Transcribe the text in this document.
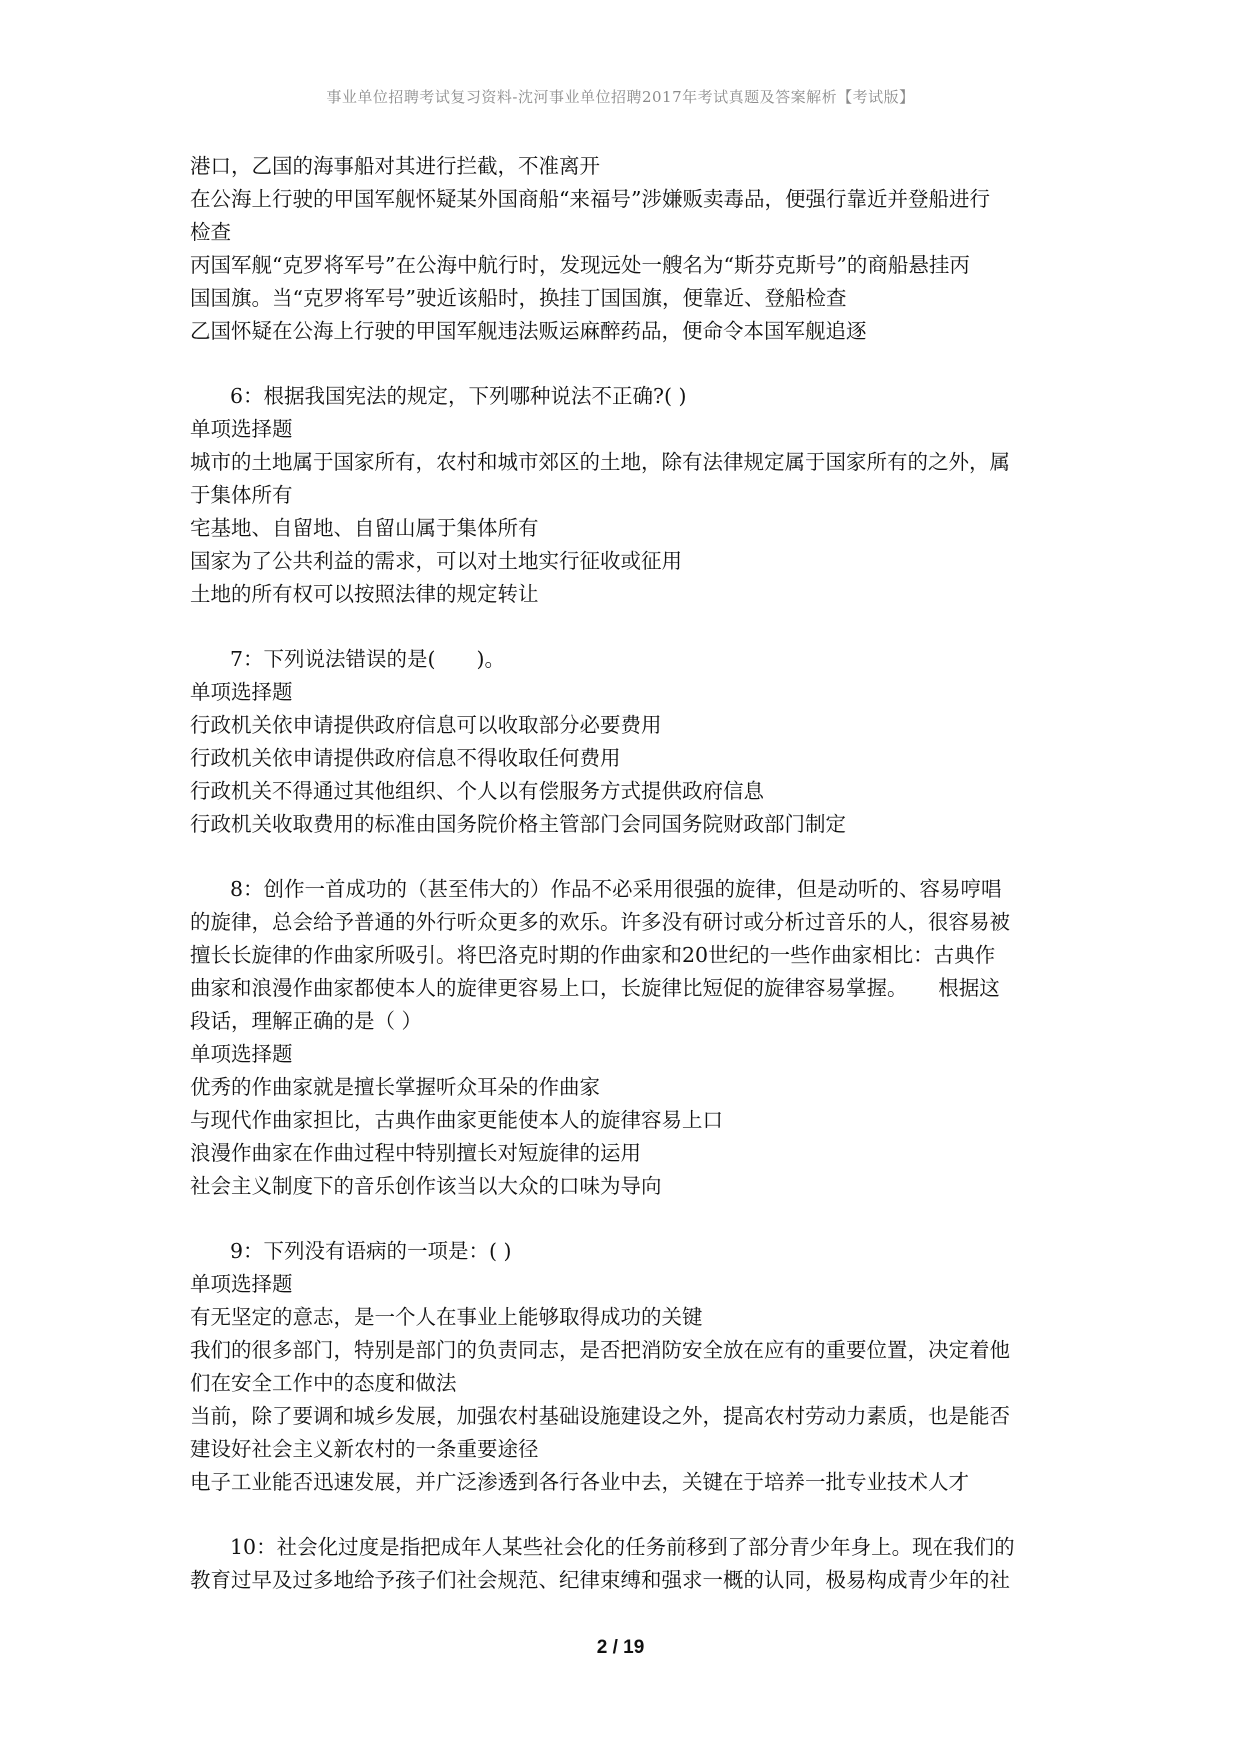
事业单位招聘考试复习资料-沈河事业单位招聘2017年考试真题及答案解析【考试版】
港口，乙国的海事船对其进行拦截，不准离开
在公海上行驶的甲国军舰怀疑某外国商船“来福号”涉嫌贩卖毒品，便强行靠近并登船进行
检查
丙国军舰“克罗将军号”在公海中航行时，发现远处一艘名为“斯芬克斯号”的商船悬挂丙
国国旗。当“克罗将军号”驶近该船时，换挂丁国国旗，便靠近、登船检查
乙国怀疑在公海上行驶的甲国军舰违法贩运麻醉药品，便命令本国军舰追逐
6：根据我国宪法的规定，下列哪种说法不正确?( )
单项选择题
城市的土地属于国家所有，农村和城市郊区的土地，除有法律规定属于国家所有的之外，属
于集体所有
宅基地、自留地、自留山属于集体所有
国家为了公共利益的需求，可以对土地实行征收或征用
土地的所有权可以按照法律的规定转让
7：下列说法错误的是(　　)。
单项选择题
行政机关依申请提供政府信息可以收取部分必要费用
行政机关依申请提供政府信息不得收取任何费用
行政机关不得通过其他组织、个人以有偿服务方式提供政府信息
行政机关收取费用的标准由国务院价格主管部门会同国务院财政部门制定
8：创作一首成功的（甚至伟大的）作品不必采用很强的旋律，但是动听的、容易哼唱
的旋律，总会给予普通的外行听众更多的欢乐。许多没有研讨或分析过音乐的人，很容易被
擅长长旋律的作曲家所吸引。将巴洛克时期的作曲家和20世纪的一些作曲家相比：古典作
曲家和浪漫作曲家都使本人的旋律更容易上口，长旋律比短促的旋律容易掌握。　　根据这
段话，理解正确的是（ ）
单项选择题
优秀的作曲家就是擅长掌握听众耳朵的作曲家
与现代作曲家担比，古典作曲家更能使本人的旋律容易上口
浪漫作曲家在作曲过程中特别擅长对短旋律的运用
社会主义制度下的音乐创作该当以大众的口味为导向
9：下列没有语病的一项是：( )
单项选择题
有无坚定的意志，是一个人在事业上能够取得成功的关键
我们的很多部门，特别是部门的负责同志，是否把消防安全放在应有的重要位置，决定着他
们在安全工作中的态度和做法
当前，除了要调和城乡发展，加强农村基础设施建设之外，提高农村劳动力素质，也是能否
建设好社会主义新农村的一条重要途径
电子工业能否迅速发展，并广泛渗透到各行各业中去，关键在于培养一批专业技术人才
10：社会化过度是指把成年人某些社会化的任务前移到了部分青少年身上。现在我们的
教育过早及过多地给予孩子们社会规范、纪律束缚和强求一概的认同，极易构成青少年的社
2 / 19
